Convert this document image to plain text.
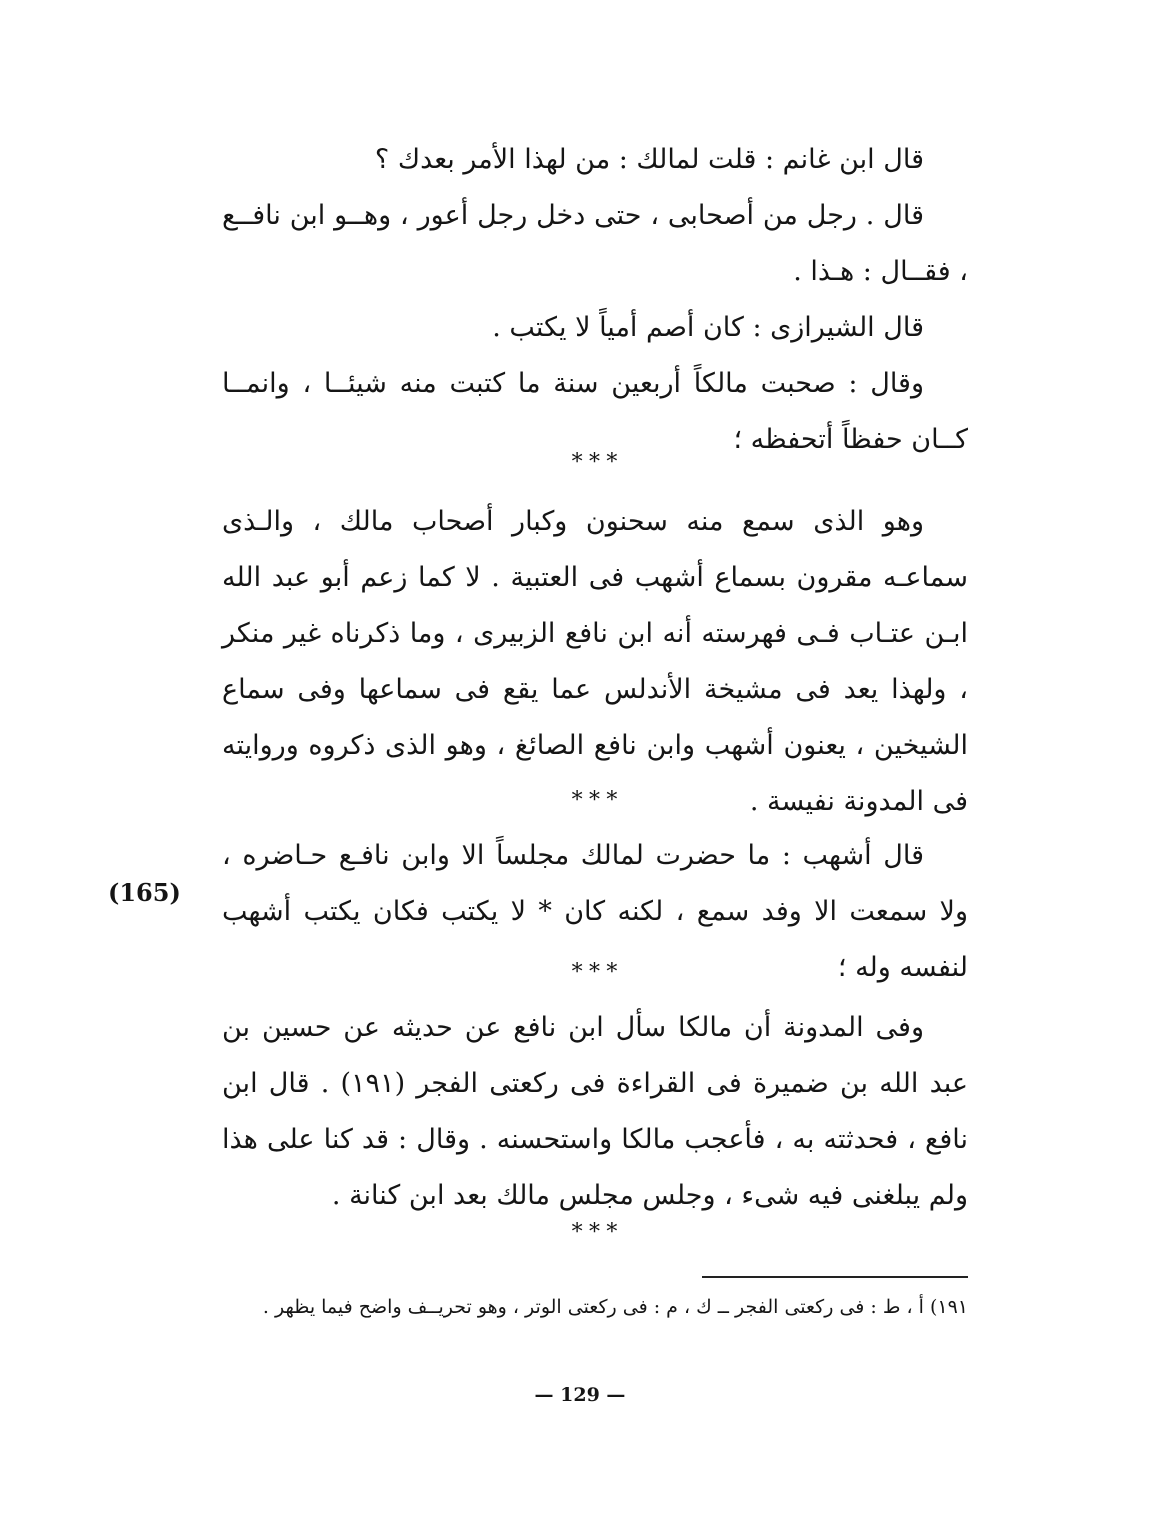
قال ابن غانم : قلت لمالك : من لهذا الأمر بعدك ؟

قال . رجل من أصحابى ، حتى دخل رجل أعور ، وهــو ابن نافــع ، فقــال : هـذا .

قال الشيرازى : كان أصم أمياً لا يكتب .

وقال : صحبت مالكاً أربعين سنة ما كتبت منه شيئــا ، وانمــا كــان حفظاً أتحفظه ؛

* * *

وهو الذى سمع منه سحنون وكبار أصحاب مالك ، والـذى سماعـه مقرون بسماع أشهب فى العتبية . لا كما زعم أبو عبد الله ابـن عتـاب فـى فهرسته أنه ابن نافع الزبيرى ، وما ذكرناه غير منكر ، ولهذا يعد فى مشيخة الأندلس عما يقع فى سماعها وفى سماع الشيخين ، يعنون أشهب وابن نافع الصائغ ، وهو الذى ذكروه وروايته فى المدونة نفيسة .

* * *

قال أشهب : ما حضرت لمالك مجلساً الا وابن نافـع حـاضره ، ولا سمعت الا وفد سمع ، لكنه كان * لا يكتب فكان يكتب أشهب لنفسه وله ؛

(165)
* * *

وفى المدونة أن مالكا سأل ابن نافع عن حديثه عن حسين بن عبد الله بن ضميرة فى القراءة فى ركعتى الفجر (١٩١) . قال ابن نافع ، فحدثته به ، فأعجب مالكا واستحسنه . وقال : قد كنا على هذا ولم يبلغنى فيه شىء ، وجلس مجلس مالك بعد ابن كنانة .

* * *

١٩١) أ ، ط : فى ركعتى الفجر ــ ك ، م : فى ركعتى الوتر ، وهو تحريــف واضح فيما يظهر .

— 129 —
